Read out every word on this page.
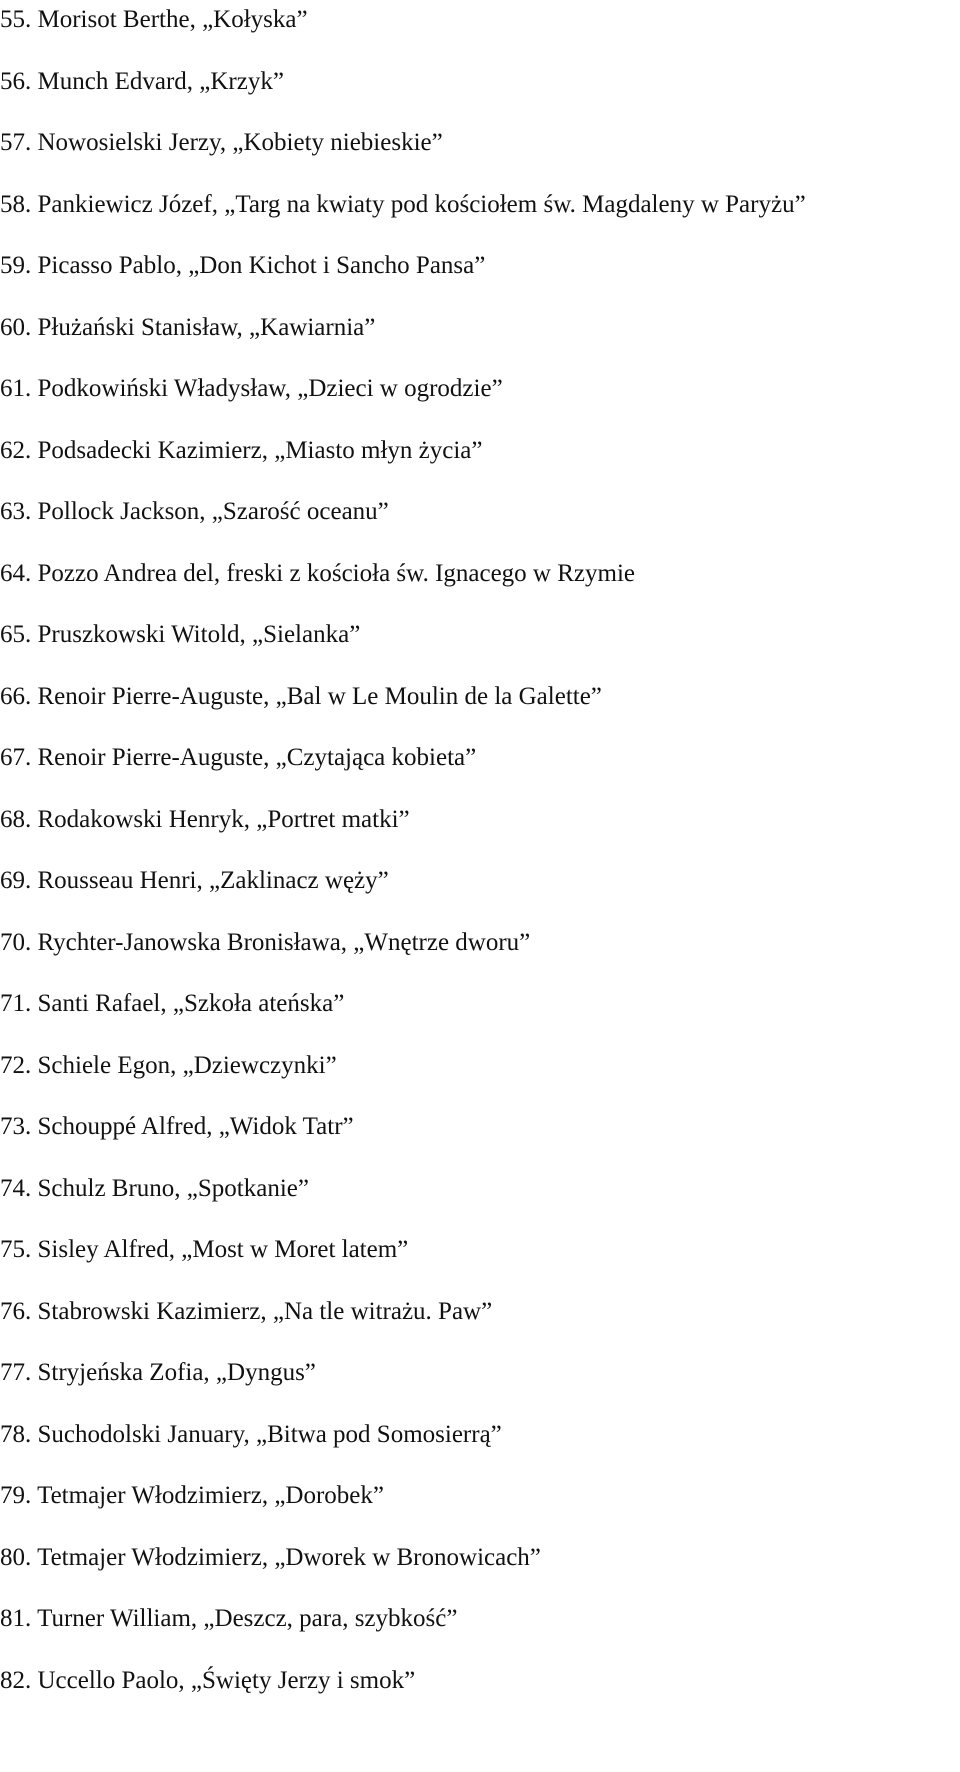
55. Morisot Berthe, „Kołyska”
56. Munch Edvard, „Krzyk”
57. Nowosielski Jerzy, „Kobiety niebieskie”
58. Pankiewicz Józef, „Targ na kwiaty pod kościołem św. Magdaleny w Paryżu”
59. Picasso Pablo, „Don Kichot i Sancho Pansa”
60. Płużański Stanisław, „Kawiarnia”
61. Podkowiński Władysław, „Dzieci w ogrodzie”
62. Podsadecki Kazimierz, „Miasto młyn życia”
63. Pollock Jackson, „Szarość oceanu”
64. Pozzo Andrea del, freski z kościoła św. Ignacego w Rzymie
65. Pruszkowski Witold, „Sielanka”
66. Renoir Pierre-Auguste, „Bal w Le Moulin de la Galette”
67. Renoir Pierre-Auguste, „Czytająca kobieta”
68. Rodakowski Henryk, „Portret matki”
69. Rousseau Henri, „Zaklinacz węży”
70. Rychter-Janowska Bronisława, „Wnętrze dworu”
71. Santi Rafael, „Szkoła ateńska”
72. Schiele Egon, „Dziewczynki”
73. Schouppé Alfred, „Widok Tatr”
74. Schulz Bruno, „Spotkanie”
75. Sisley Alfred, „Most w Moret latem”
76. Stabrowski Kazimierz, „Na tle witrażu. Paw”
77. Stryjeńska Zofia, „Dyngus”
78. Suchodolski January, „Bitwa pod Somosierrą”
79. Tetmajer Włodzimierz, „Dorobek”
80. Tetmajer Włodzimierz, „Dworek w Bronowicach”
81. Turner William, „Deszcz, para, szybkość”
82. Uccello Paolo, „Święty Jerzy i smok”
